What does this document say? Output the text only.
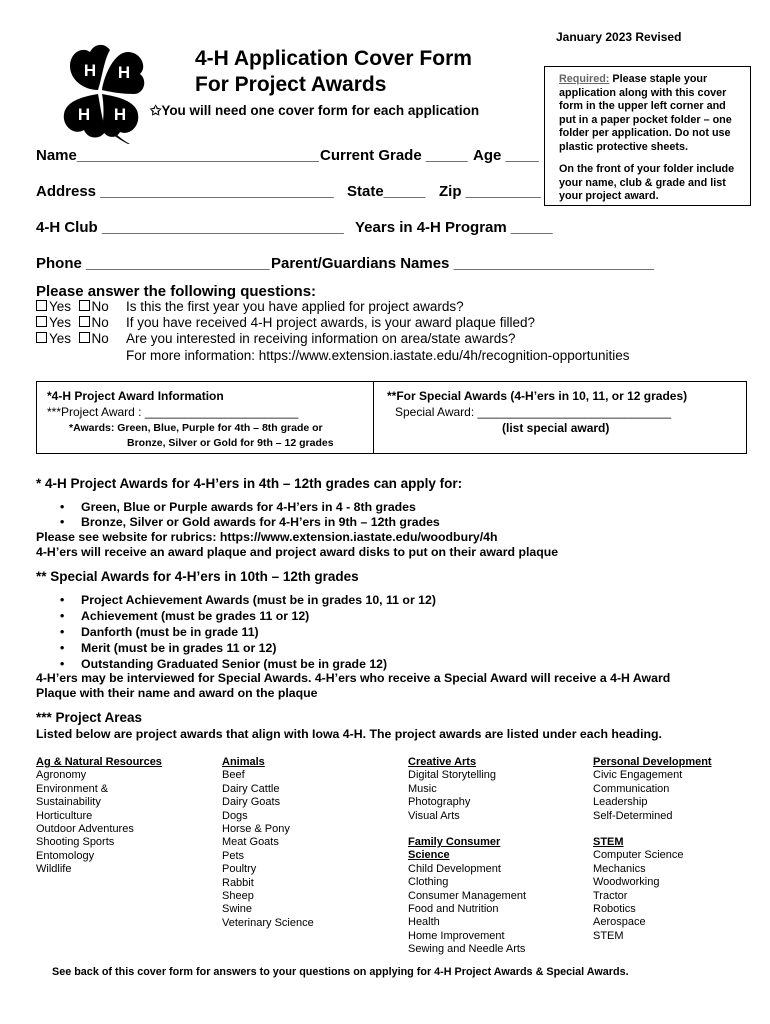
January 2023 Revised
H H
H H
4-H Application Cover Form
For Project Awards
✩You will need one cover form for each application

Required: Please staple your application along with this cover form in the upper left corner and put in a paper pocket folder – one folder per application. Do not use plastic protective sheets.

On the front of your folder include your name, club & grade and list your project award.

Name_____________________________ Current Grade _____ Age ____
Address ____________________________ State_____ Zip _________
4-H Club _____________________________ Years in 4-H Program _____
Phone ______________________ Parent/Guardians Names ________________________
Please answer the following questions:
Yes No Is this the first year you have applied for project awards?
Yes No If you have received 4-H project awards, is your award plaque filled?
Yes No Are you interested in receiving information on area/state awards?
For more information: https://www.extension.iastate.edu/4h/recognition-opportunities
*4-H Project Award Information
***Project Award : _______________________
*Awards: Green, Blue, Purple for 4th – 8th grade or
Bronze, Silver or Gold for 9th – 12 grades
**For Special Awards (4-H’ers in 10, 11, or 12 grades)
Special Award: _____________________________
(list special award)
* 4-H Project Awards for 4-H’ers in 4th – 12th grades can apply for:
• Green, Blue or Purple awards for 4-H’ers in 4 - 8th grades
• Bronze, Silver or Gold awards for 4-H’ers in 9th – 12th grades
Please see website for rubrics: https://www.extension.iastate.edu/woodbury/4h
4-H’ers will receive an award plaque and project award disks to put on their award plaque
** Special Awards for 4-H’ers in 10th – 12th grades
• Project Achievement Awards (must be in grades 10, 11 or 12)
• Achievement (must be grades 11 or 12)
• Danforth (must be in grade 11)
• Merit (must be in grades 11 or 12)
• Outstanding Graduated Senior (must be in grade 12)
4-H’ers may be interviewed for Special Awards. 4-H’ers who receive a Special Award will receive a 4-H Award
Plaque with their name and award on the plaque
*** Project Areas
Listed below are project awards that align with Iowa 4-H. The project awards are listed under each heading.
Ag & Natural Resources
Agronomy
Environment &
Sustainability
Horticulture
Outdoor Adventures
Shooting Sports
Entomology
Wildlife
Animals
Beef
Dairy Cattle
Dairy Goats
Dogs
Horse & Pony
Meat Goats
Pets
Poultry
Rabbit
Sheep
Swine
Veterinary Science
Creative Arts
Digital Storytelling
Music
Photography
Visual Arts
Family Consumer
Science
Child Development
Clothing
Consumer Management
Food and Nutrition
Health
Home Improvement
Sewing and Needle Arts
Personal Development
Civic Engagement
Communication
Leadership
Self-Determined
STEM
Computer Science
Mechanics
Woodworking
Tractor
Robotics
Aerospace
STEM
See back of this cover form for answers to your questions on applying for 4-H Project Awards & Special Awards.
